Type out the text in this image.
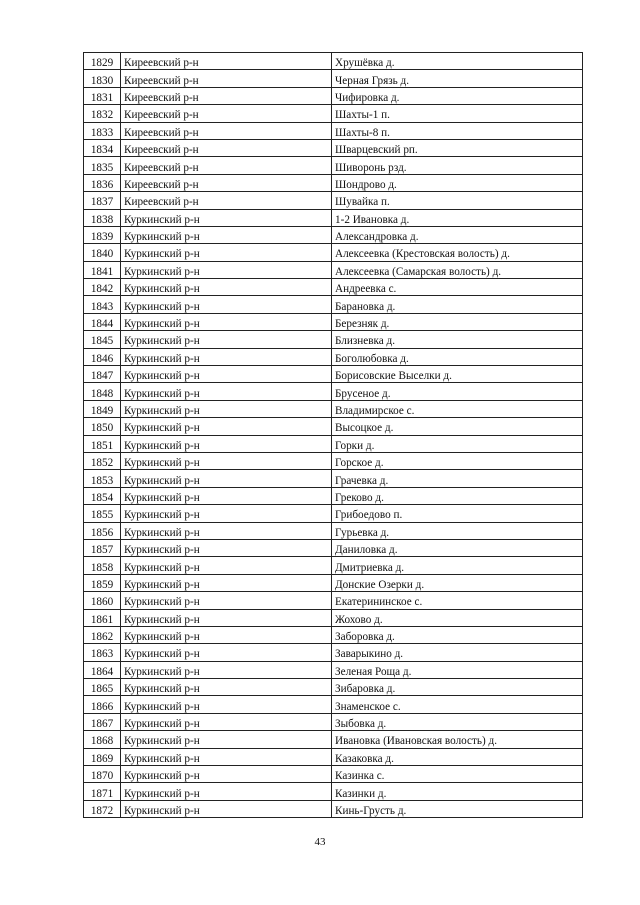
1829	Киреевский р-н	Хрушёвка д.
1830	Киреевский р-н	Черная Грязь д.
1831	Киреевский р-н	Чифировка д.
1832	Киреевский р-н	Шахты-1 п.
1833	Киреевский р-н	Шахты-8 п.
1834	Киреевский р-н	Шварцевский рп.
1835	Киреевский р-н	Шиворонь рзд.
1836	Киреевский р-н	Шондрово д.
1837	Киреевский р-н	Шувайка п.
1838	Куркинский р-н	1-2 Ивановка д.
1839	Куркинский р-н	Александровка д.
1840	Куркинский р-н	Алексеевка (Крестовская волость) д.
1841	Куркинский р-н	Алексеевка (Самарская волость) д.
1842	Куркинский р-н	Андреевка с.
1843	Куркинский р-н	Барановка д.
1844	Куркинский р-н	Березняк д.
1845	Куркинский р-н	Близневка д.
1846	Куркинский р-н	Боголюбовка д.
1847	Куркинский р-н	Борисовские Выселки д.
1848	Куркинский р-н	Брусеное д.
1849	Куркинский р-н	Владимирское с.
1850	Куркинский р-н	Высоцкое д.
1851	Куркинский р-н	Горки д.
1852	Куркинский р-н	Горское д.
1853	Куркинский р-н	Грачевка д.
1854	Куркинский р-н	Греково д.
1855	Куркинский р-н	Грибоедово п.
1856	Куркинский р-н	Гурьевка д.
1857	Куркинский р-н	Даниловка д.
1858	Куркинский р-н	Дмитриевка д.
1859	Куркинский р-н	Донские Озерки д.
1860	Куркинский р-н	Екатерининское с.
1861	Куркинский р-н	Жохово д.
1862	Куркинский р-н	Заборовка д.
1863	Куркинский р-н	Заварыкино д.
1864	Куркинский р-н	Зеленая Роща д.
1865	Куркинский р-н	Зибаровка д.
1866	Куркинский р-н	Знаменское с.
1867	Куркинский р-н	Зыбовка д.
1868	Куркинский р-н	Ивановка (Ивановская волость) д.
1869	Куркинский р-н	Казаковка д.
1870	Куркинский р-н	Казинка с.
1871	Куркинский р-н	Казинки д.
1872	Куркинский р-н	Кинь-Грусть д.
43
